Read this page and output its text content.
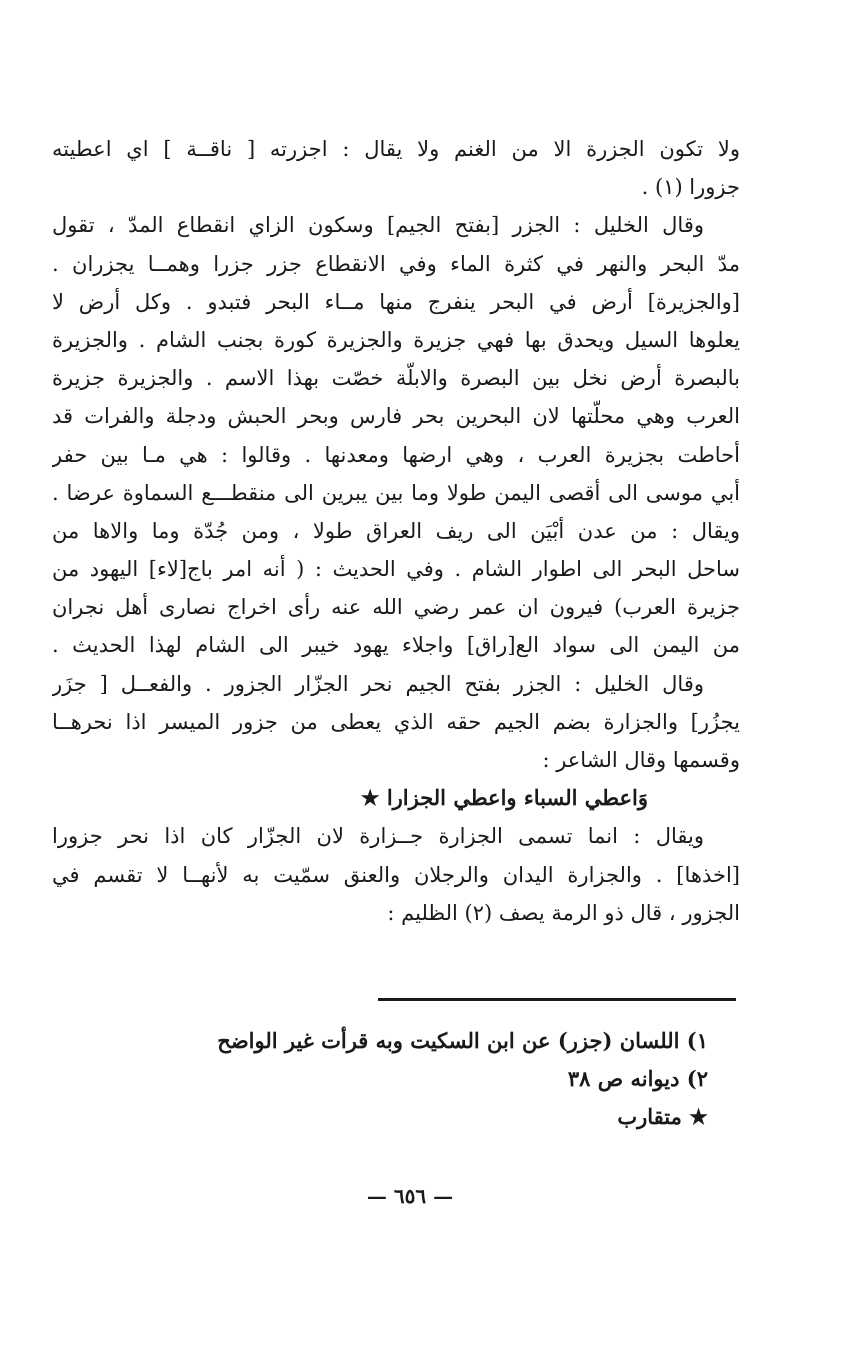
ولا تكون الجزرة الا من الغنم ولا يقال : اجزرته [ ناقــة ] اي اعطيته
جزورا (١) .
وقال الخليل : الجزر [بفتح الجيم] وسكون الزاي انقطاع المدّ ، تقول
مدّ البحر والنهر في كثرة الماء وفي الانقطاع جزر جزرا وهمــا يجزران .
[والجزيرة] أرض في البحر ينفرج منها مــاء البحر فتبدو . وكل أرض لا
يعلوها السيل ويحدق بها فهي جزيرة والجزيرة كورة بجنب الشام . والجزيرة
بالبصرة أرض نخل بين البصرة والابلّة خصّت بهذا الاسم . والجزيرة جزيرة
العرب وهي محلّتها لان البحرين بحر فارس وبحر الحبش ودجلة والفرات قد
أحاطت بجزيرة العرب ، وهي ارضها ومعدنها . وقالوا : هي مـا بين حفر
أبي موسى الى أقصى اليمن طولا وما بين يبرين الى منقطـــع السماوة عرضا .
ويقال : من عدن أبْيَن الى ريف العراق طولا ، ومن جُدّة وما والاها من
ساحل البحر الى اطوار الشام . وفي الحديث : ( أنه امر باج[لاء] اليهود من
جزيرة العرب) فيرون ان عمر رضي الله عنه رأى اخراج نصارى أهل نجران
من اليمن الى سواد الع[راق] واجلاء يهود خيبر الى الشام لهذا الحديث .
وقال الخليل : الجزر بفتح الجيم نحر الجزّار الجزور . والفعــل [ جزَر
يجزُر] والجزارة بضم الجيم حقه الذي يعطى من جزور الميسر اذا نحرهــا
وقسمها وقال الشاعر :
وَاعطي السباء واعطي الجزارا ★
ويقال : انما تسمى الجزارة جــزارة لان الجزّار كان اذا نحر جزورا
[اخذها] . والجزارة اليدان والرجلان والعنق سمّيت به لأنهــا لا تقسم في
الجزور ، قال ذو الرمة يصف (٢) الظليم :
١) اللسان (جزر) عن ابن السكيت وبه قرأت غير الواضح
٢) ديوانه ص ٣٨
★ متقارب
— ٦٥٦ —
